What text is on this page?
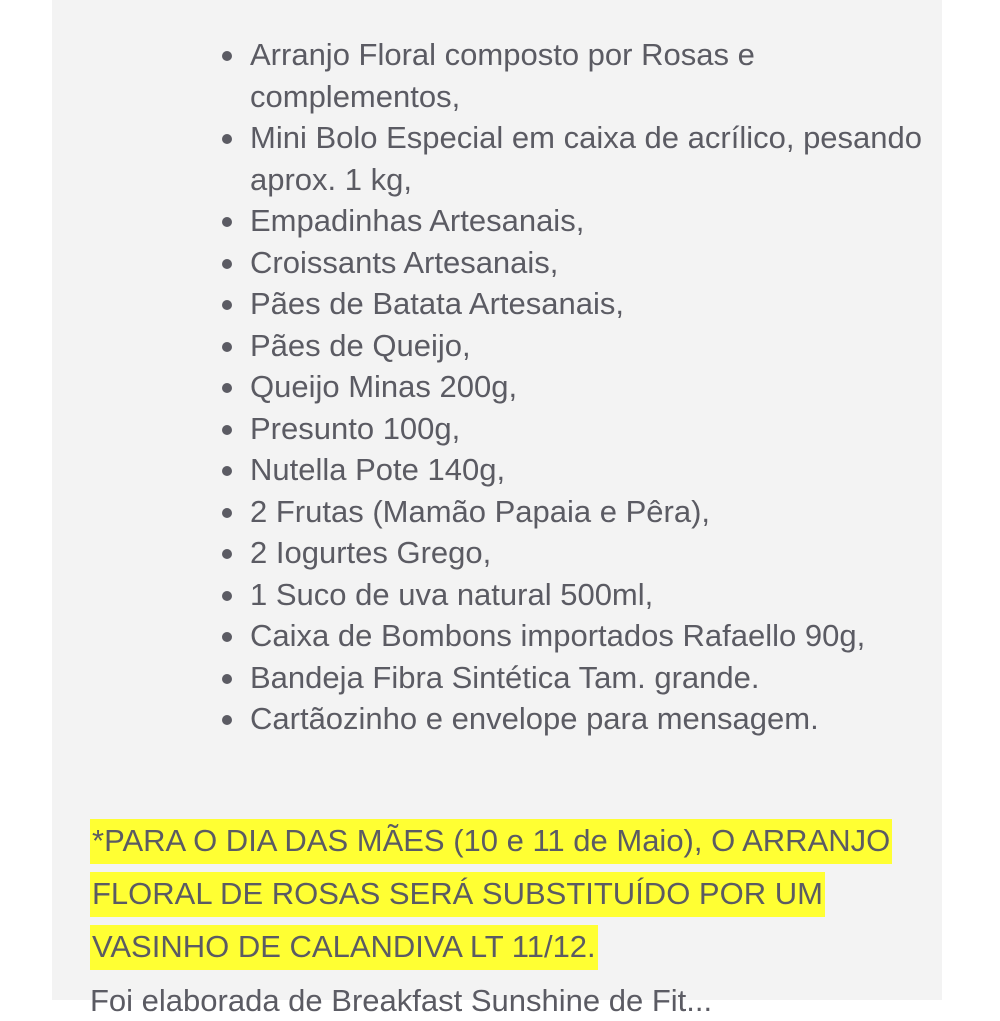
Arranjo Floral composto por Rosas e complementos,
Mini Bolo Especial em caixa de acrílico, pesando aprox. 1 kg,
Empadinhas Artesanais,
Croissants Artesanais,
Pães de Batata Artesanais,
Pães de Queijo,
Queijo Minas 200g,
Presunto 100g,
Nutella Pote 140g,
2 Frutas (Mamão Papaia e Pêra),
2 Iogurtes Grego,
1 Suco de uva natural 500ml,
Caixa de Bombons importados Rafaello 90g,
Bandeja Fibra Sintética Tam. grande.
Cartãozinho e envelope para mensagem.

*PARA O DIA DAS MÃES (10 e 11 de Maio), O ARRANJO FLORAL DE ROSAS SERÁ SUBSTITUÍDO POR UM VASINHO DE CALANDIVA LT 11/12.

Foi elaborada de Breakfast Sunshine de Fit...
